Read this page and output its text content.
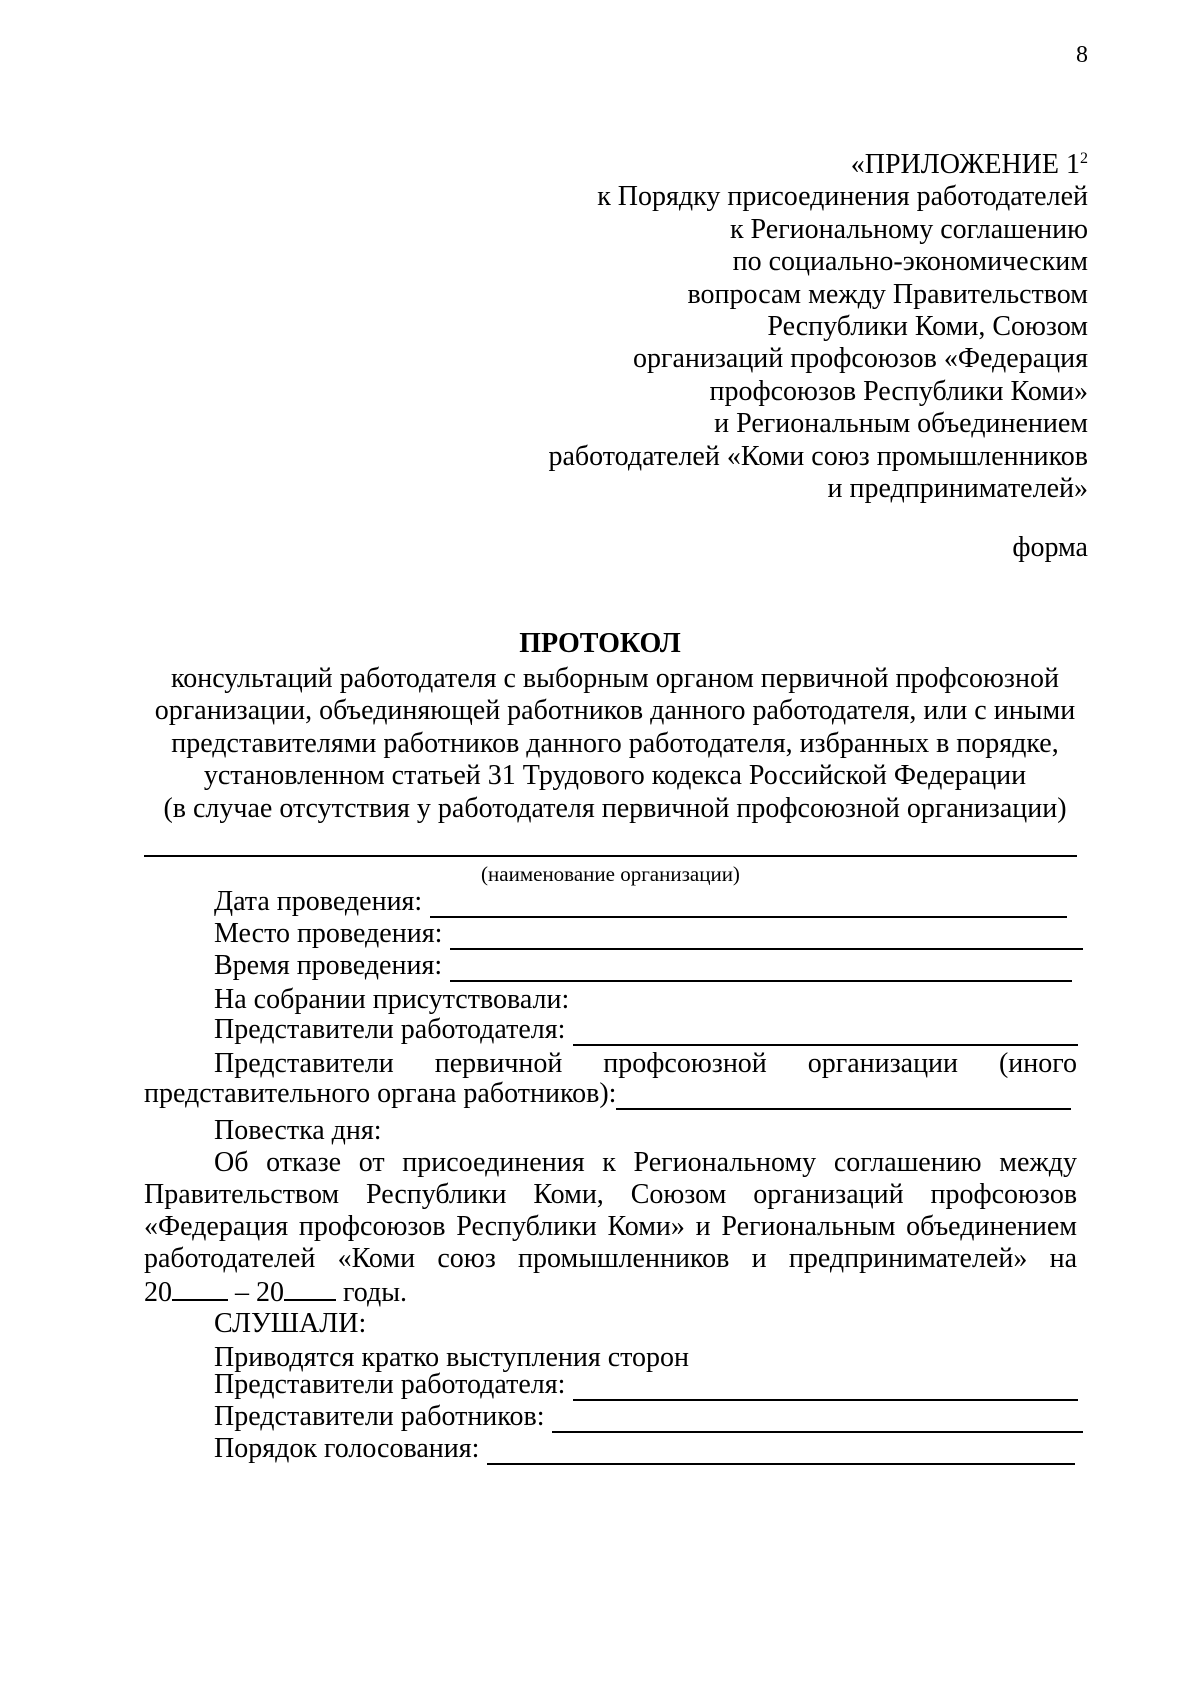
8
«ПРИЛОЖЕНИЕ $1^2$
к Порядку присоединения работодателей
к Региональному соглашению
по социально-экономическим
вопросам между Правительством
Республики Коми, Союзом
организаций профсоюзов «Федерация
профсоюзов Республики Коми»
и Региональным объединением
работодателей «Коми союз промышленников
и предпринимателей»
форма
ПРОТОКОЛ
консультаций работодателя с выборным органом первичной профсоюзной
организации, объединяющей работников данного работодателя, или с иными
представителями работников данного работодателя, избранных в порядке,
установленном статьей 31 Трудового кодекса Российской Федерации
(в случае отсутствия у работодателя первичной профсоюзной организации)
(наименование организации)
Дата проведения:
Место проведения:
Время проведения:
На собрании присутствовали:
Представители работодателя:
Представители первичной профсоюзной организации (иного
представительного органа работников):
Повестка дня:
Об отказе от присоединения к Региональному соглашению между
Правительством Республики Коми, Союзом организаций профсоюзов
«Федерация профсоюзов Республики Коми» и Региональным объединением
работодателей «Коми союз промышленников и предпринимателей» на
20 – 20 годы.
СЛУШАЛИ:
Приводятся кратко выступления сторон
Представители работодателя:
Представители работников:
Порядок голосования:
